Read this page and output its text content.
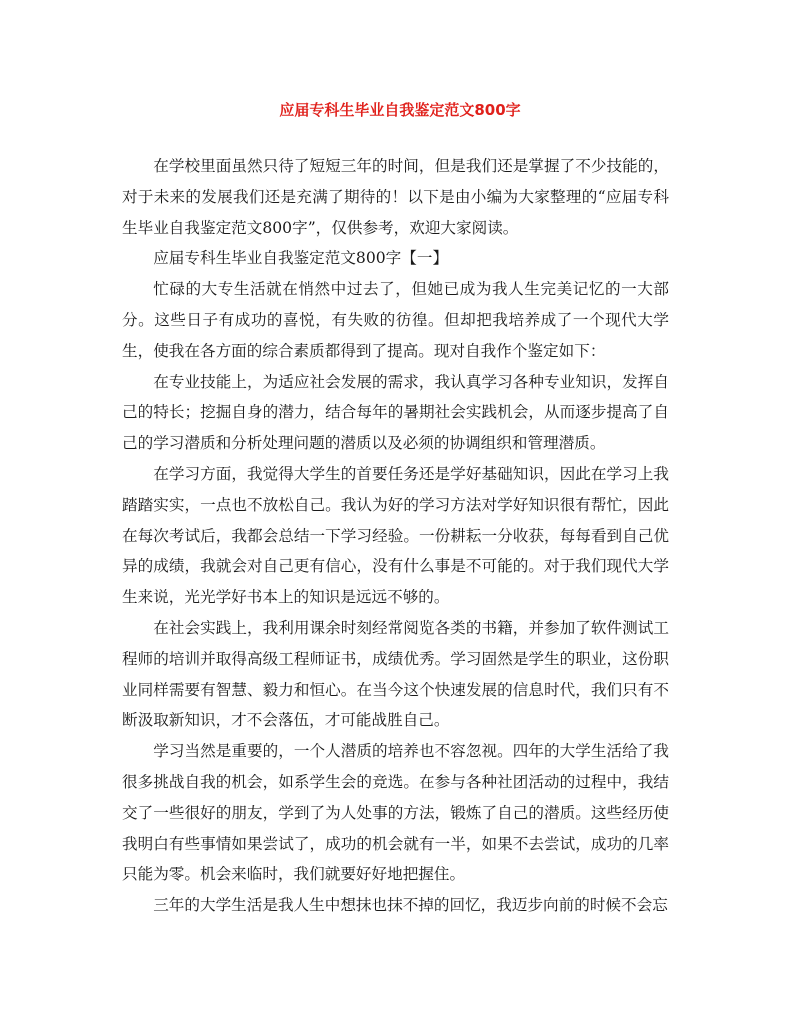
应届专科生毕业自我鉴定范文800字

在学校里面虽然只待了短短三年的时间，但是我们还是掌握了不少技能的，对于未来的发展我们还是充满了期待的！以下是由小编为大家整理的“应届专科生毕业自我鉴定范文800字”，仅供参考，欢迎大家阅读。

应届专科生毕业自我鉴定范文800字【一】

忙碌的大专生活就在悄然中过去了，但她已成为我人生完美记忆的一大部分。这些日子有成功的喜悦，有失败的彷徨。但却把我培养成了一个现代大学生，使我在各方面的综合素质都得到了提高。现对自我作个鉴定如下：

在专业技能上，为适应社会发展的需求，我认真学习各种专业知识，发挥自己的特长；挖掘自身的潜力，结合每年的暑期社会实践机会，从而逐步提高了自己的学习潜质和分析处理问题的潜质以及必须的协调组织和管理潜质。

在学习方面，我觉得大学生的首要任务还是学好基础知识，因此在学习上我踏踏实实，一点也不放松自己。我认为好的学习方法对学好知识很有帮忙，因此在每次考试后，我都会总结一下学习经验。一份耕耘一分收获，每每看到自己优异的成绩，我就会对自己更有信心，没有什么事是不可能的。对于我们现代大学生来说，光光学好书本上的知识是远远不够的。

在社会实践上，我利用课余时刻经常阅览各类的书籍，并参加了软件测试工程师的培训并取得高级工程师证书，成绩优秀。学习固然是学生的职业，这份职业同样需要有智慧、毅力和恒心。在当今这个快速发展的信息时代，我们只有不断汲取新知识，才不会落伍，才可能战胜自己。

学习当然是重要的，一个人潜质的培养也不容忽视。四年的大学生活给了我很多挑战自我的机会，如系学生会的竞选。在参与各种社团活动的过程中，我结交了一些很好的朋友，学到了为人处事的方法，锻炼了自己的潜质。这些经历使我明白有些事情如果尝试了，成功的机会就有一半，如果不去尝试，成功的几率只能为零。机会来临时，我们就要好好地把握住。

三年的大学生活是我人生中想抹也抹不掉的回忆，我迈步向前的时候不会忘
